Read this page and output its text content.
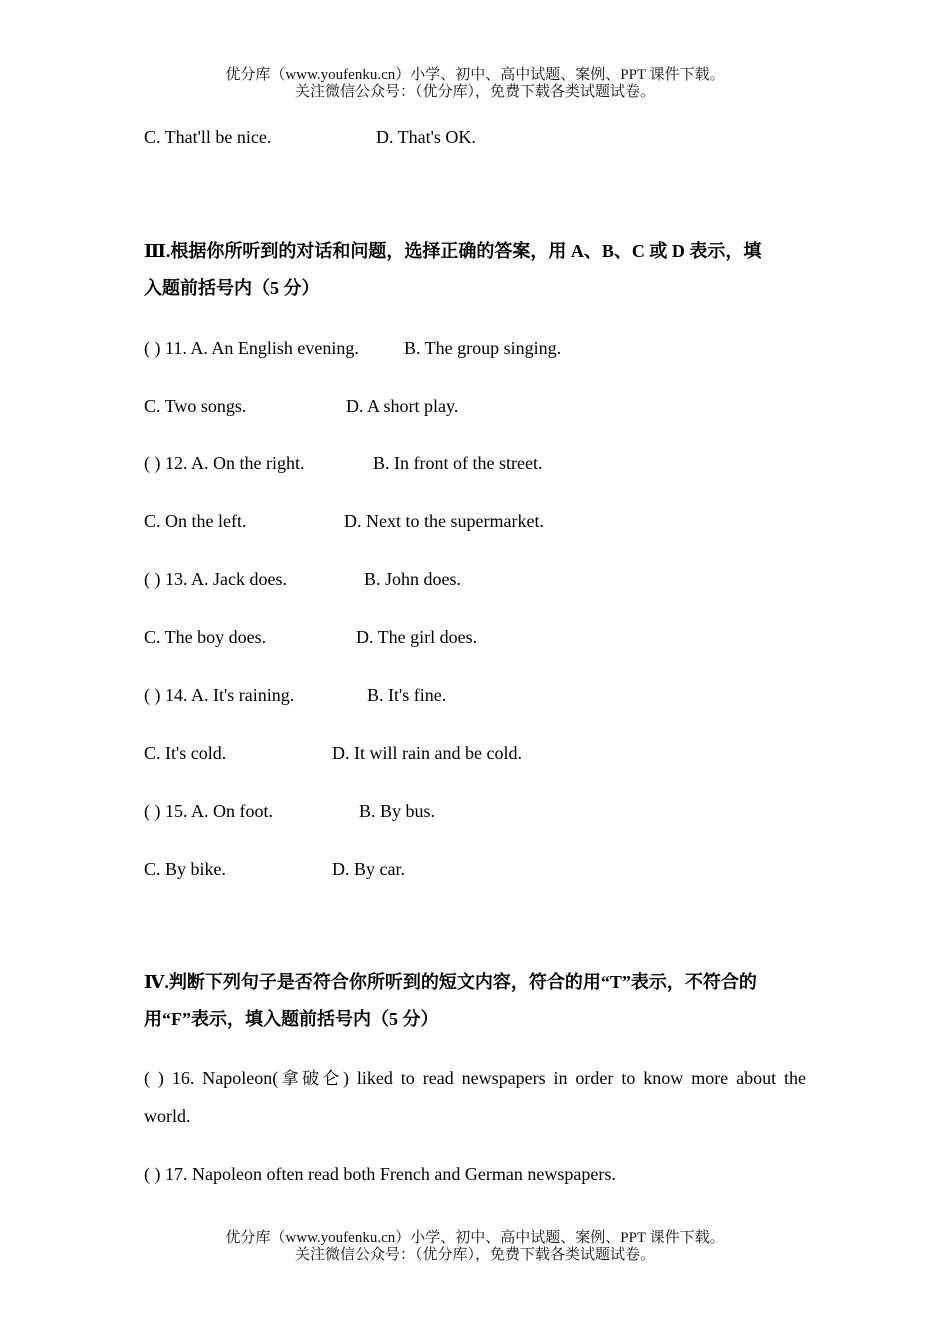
优分库（www.youfenku.cn）小学、初中、高中试题、案例、PPT 课件下载。
关注微信公众号：（优分库），免费下载各类试题试卷。
C. That'll be nice.	D. That's OK.
Ⅲ.根据你所听到的对话和问题，选择正确的答案，用 A、B、C 或 D 表示，填
入题前括号内（5 分）
( ) 11. A. An English evening.	B. The group singing.
C. Two songs.	D. A short play.
( ) 12. A. On the right.	B. In front of the street.
C. On the left.	D. Next to the supermarket.
( ) 13. A. Jack does.	B. John does.
C. The boy does.	D. The girl does.
( ) 14. A. It's raining.	B. It's fine.
C. It's cold.	D. It will rain and be cold.
( ) 15. A. On foot.	B. By bus.
C. By bike.	D. By car.
Ⅳ.判断下列句子是否符合你所听到的短文内容，符合的用“T”表示，不符合的
用“F”表示，填入题前括号内（5 分）
( ) 16. Napoleon(拿破仑) liked to read newspapers in order to know more about the
world.
( ) 17. Napoleon often read both French and German newspapers.
优分库（www.youfenku.cn）小学、初中、高中试题、案例、PPT 课件下载。
关注微信公众号：（优分库），免费下载各类试题试卷。
